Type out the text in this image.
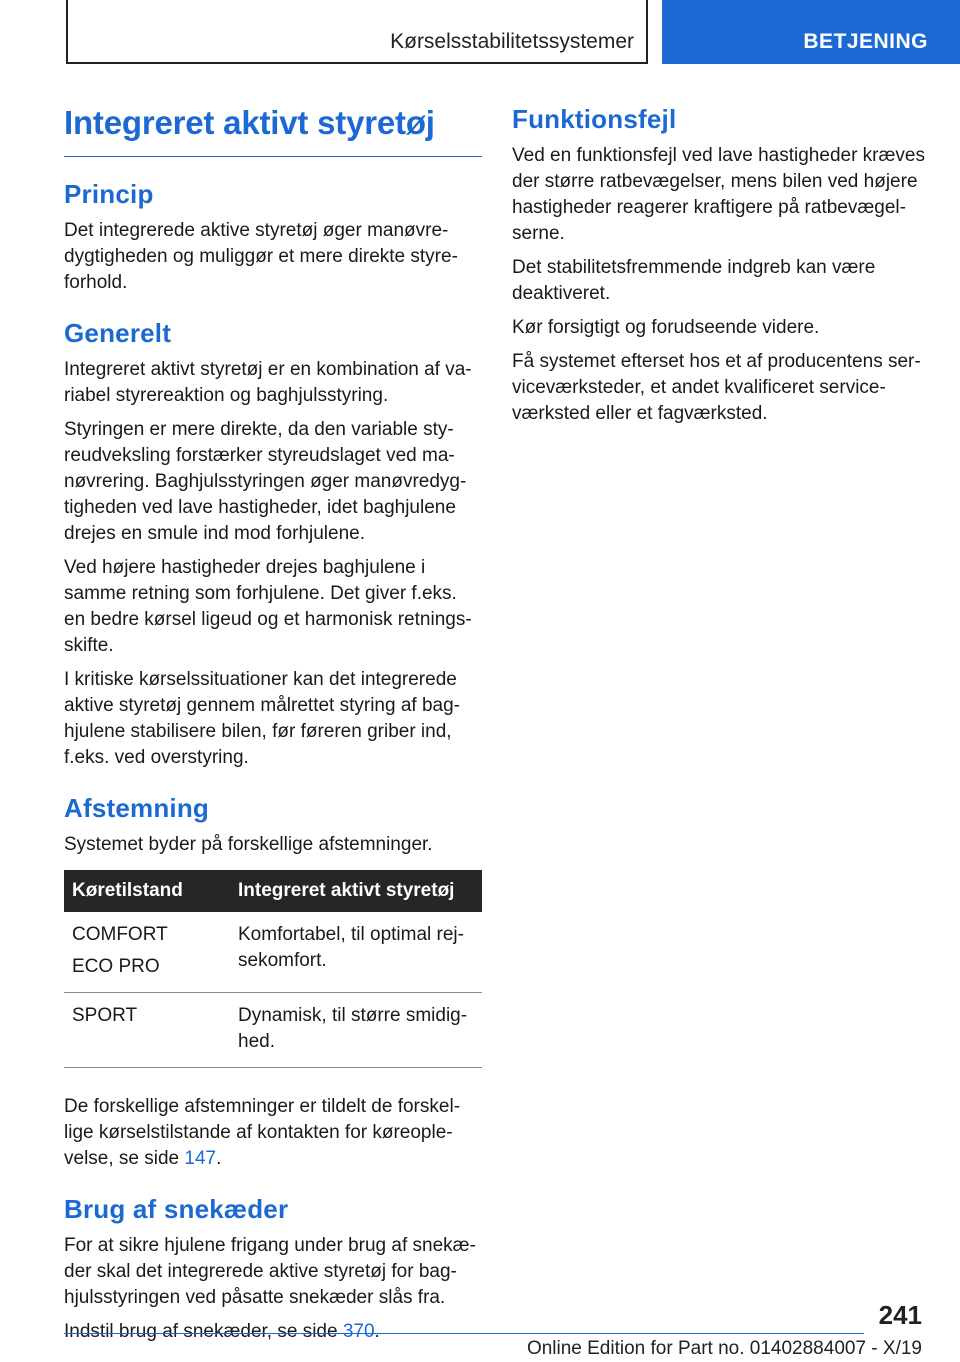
Kørselsstabilitetssystemer	BETJENING
Integreret aktivt styretøj
Princip

Det integrerede aktive styretøj øger manøvredygtigheden og muliggør et mere direkte styreforhold.

Generelt

Integreret aktivt styretøj er en kombination af variabel styrereaktion og baghjulsstyring.

Styringen er mere direkte, da den variable styreudveksling forstærker styreudslaget ved manøvrering. Baghjulsstyringen øger manøvredygtigheden ved lave hastigheder, idet baghjulene drejes en smule ind mod forhjulene.

Ved højere hastigheder drejes baghjulene i samme retning som forhjulene. Det giver f.eks. en bedre kørsel ligeud og et harmonisk retningsskifte.

I kritiske kørselssituationer kan det integrerede aktive styretøj gennem målrettet styring af baghjulene stabilisere bilen, før føreren griber ind, f.eks. ved overstyring.

Afstemning

Systemet byder på forskellige afstemninger.

Køretilstand	Integreret aktivt styretøj

COMFORT
ECO PRO	Komfortabel, til optimal rejsekomfort.

SPORT	Dynamisk, til større smidighed.

De forskellige afstemninger er tildelt de forskellige kørselstilstande af kontakten for køreoplevelse, se side 147.

Brug af snekæder

For at sikre hjulene frigang under brug af snekæder skal det integrerede aktive styretøj for baghjulsstyringen ved påsatte snekæder slås fra.

Indstil brug af snekæder, se side 370.

Funktionsfejl

Ved en funktionsfejl ved lave hastigheder kræves der større ratbevægelser, mens bilen ved højere hastigheder reagerer kraftigere på ratbevægelserne.

Det stabilitetsfremmende indgreb kan være deaktiveret.

Kør forsigtigt og forudseende videre.

Få systemet efterset hos et af producentens serviceværksteder, et andet kvalificeret serviceværksted eller et fagværksted.

241
Online Edition for Part no. 01402884007 - X/19
